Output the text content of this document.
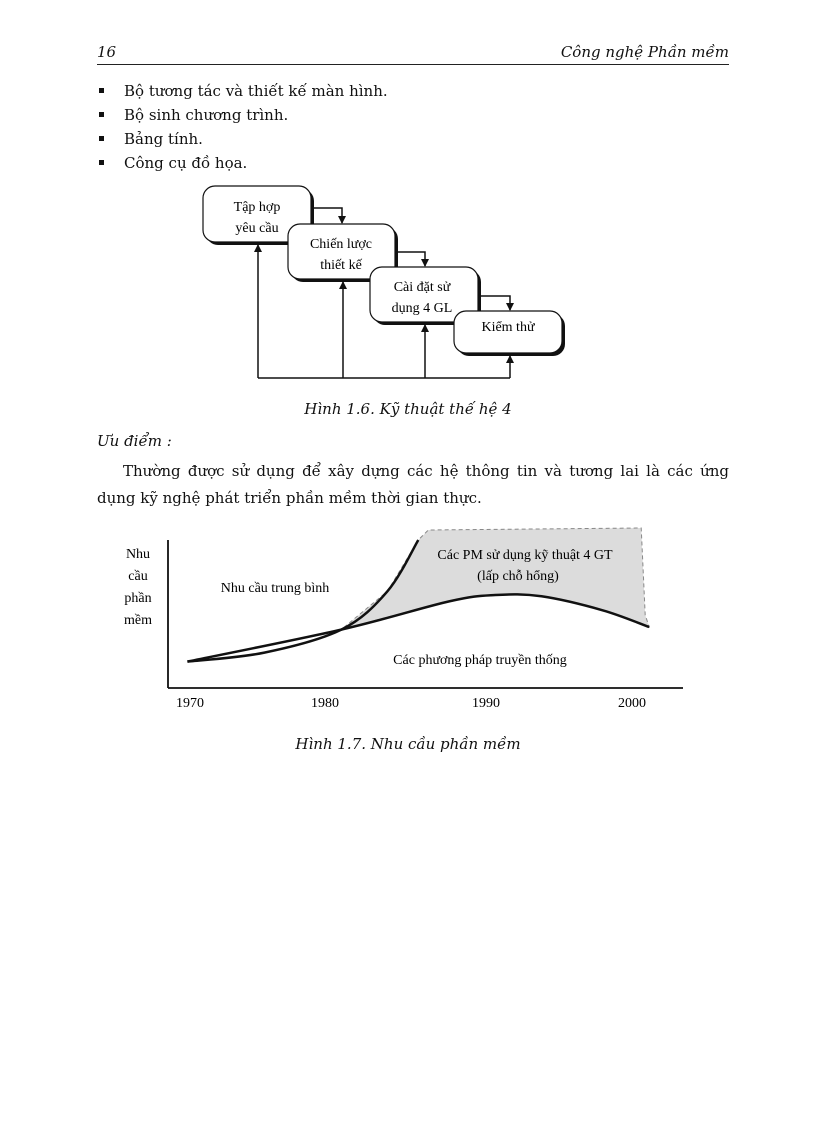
16	Công nghệ Phần mềm
Bộ tương tác và thiết kế màn hình.
Bộ sinh chương trình.
Bảng tính.
Công cụ đồ họa.
Tập hợp
yêu cầu
Chiến lược
thiết kế
Cài đặt sử
dụng 4 GL
Kiểm thử
Hình 1.6. Kỹ thuật thế hệ 4
Ưu điểm :

Thường được sử dụng để xây dựng các hệ thông tin và tương lai là các ứng dụng kỹ nghệ phát triển phần mềm thời gian thực.

Nhu
cầu
phần
mềm
Nhu cầu trung bình
Các PM sử dụng kỹ thuật 4 GT
(lấp chỗ hổng)
Các phương pháp truyền thống
1970	1980	1990	2000
Hình 1.7. Nhu cầu phần mềm
